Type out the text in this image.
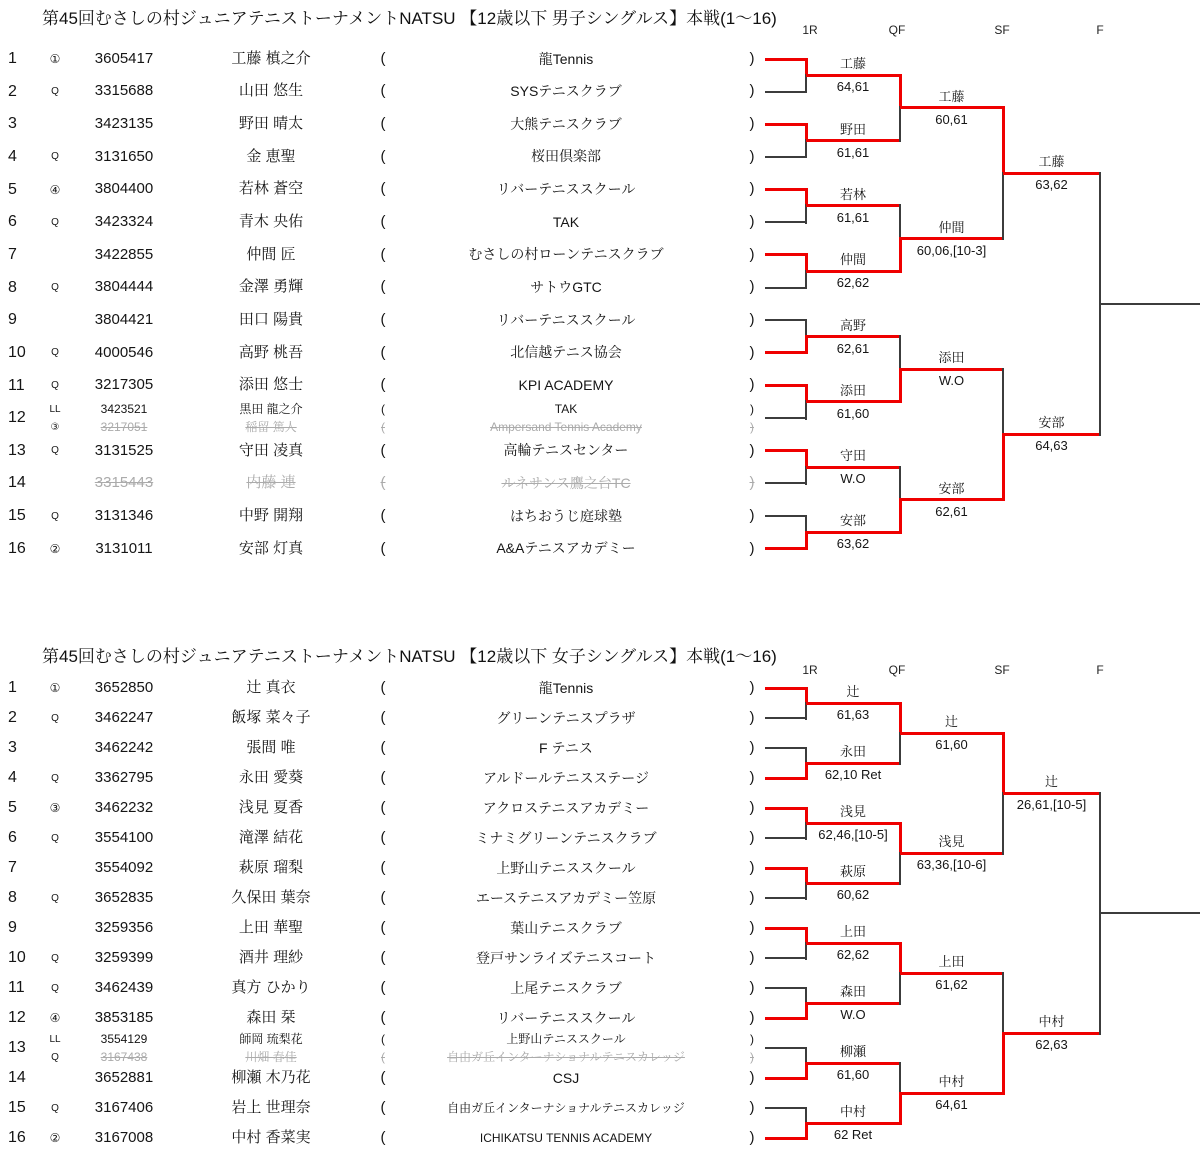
第45回むさしの村ジュニアテニストーナメントNATSU 【12歳以下 男子シングルス】本戦(1～16)
1R	QF	SF	F
1	①	3605417	工藤 槙之介	(	龍Tennis	)
2	Q	3315688	山田 悠生	(	SYSテニスクラブ	)
3	3423135	野田 晴太	(	大熊テニスクラブ	)
4	Q	3131650	金 恵聖	(	桜田倶楽部	)
5	④	3804400	若林 蒼空	(	リバーテニススクール	)
6	Q	3423324	青木 央佑	(	TAK	)
7	3422855	仲間 匠	(	むさしの村ローンテニスクラブ	)
8	Q	3804444	金澤 勇輝	(	サトウGTC	)
9	3804421	田口 陽貴	(	リバーテニススクール	)
10	Q	4000546	高野 桃吾	(	北信越テニス協会	)
11	Q	3217305	添田 悠士	(	KPI ACADEMY	)
12	LL	3423521	黒田 龍之介	(	TAK	)
③	3217051	稲留 篤人	(	Ampersand Tennis Academy	)
13	Q	3131525	守田 凌真	(	高輪テニスセンター	)
14	3315443	内藤 連	(	ルネサンス鷹之台TC	)
15	Q	3131346	中野 開翔	(	はちおうじ庭球塾	)
16	②	3131011	安部 灯真	(	A&Aテニスアカデミー	)
工藤
64,61
野田
61,61
若林
61,61
仲間
62,62
高野
62,61
添田
61,60
守田
W.O
安部
63,62
工藤
60,61
仲間
60,06,[10-3]
添田
W.O
安部
62,61
工藤
63,62
安部
64,63
第45回むさしの村ジュニアテニストーナメントNATSU 【12歳以下 女子シングルス】本戦(1～16)
1R	QF	SF	F
1	①	3652850	辻 真衣	(	龍Tennis	)
2	Q	3462247	飯塚 菜々子	(	グリーンテニスプラザ	)
3	3462242	張間 唯	(	F テニス	)
4	Q	3362795	永田 愛葵	(	アルドールテニスステージ	)
5	③	3462232	浅見 夏香	(	アクロステニスアカデミー	)
6	Q	3554100	滝澤 結花	(	ミナミグリーンテニスクラブ	)
7	3554092	萩原 瑠梨	(	上野山テニススクール	)
8	Q	3652835	久保田 葉奈	(	エーステニスアカデミー笠原	)
9	3259356	上田 華聖	(	葉山テニスクラブ	)
10	Q	3259399	酒井 理紗	(	登戸サンライズテニスコート	)
11	Q	3462439	真方 ひかり	(	上尾テニスクラブ	)
12	④	3853185	森田 栞	(	リバーテニススクール	)
13	LL	3554129	師岡 琉梨花	(	上野山テニススクール	)
Q	3167438	川畑 春佳	(	自由ガ丘インターナショナルテニスカレッジ	)
14	3652881	柳瀬 木乃花	(	CSJ	)
15	Q	3167406	岩上 世理奈	(	自由ガ丘インターナショナルテニスカレッジ	)
16	②	3167008	中村 香菜実	(	ICHIKATSU TENNIS ACADEMY	)
辻
61,63
永田
62,10 Ret
浅見
62,46,[10-5]
萩原
60,62
上田
62,62
森田
W.O
柳瀬
61,60
中村
62 Ret
辻
61,60
浅見
63,36,[10-6]
上田
61,62
中村
64,61
辻
26,61,[10-5]
中村
62,63
